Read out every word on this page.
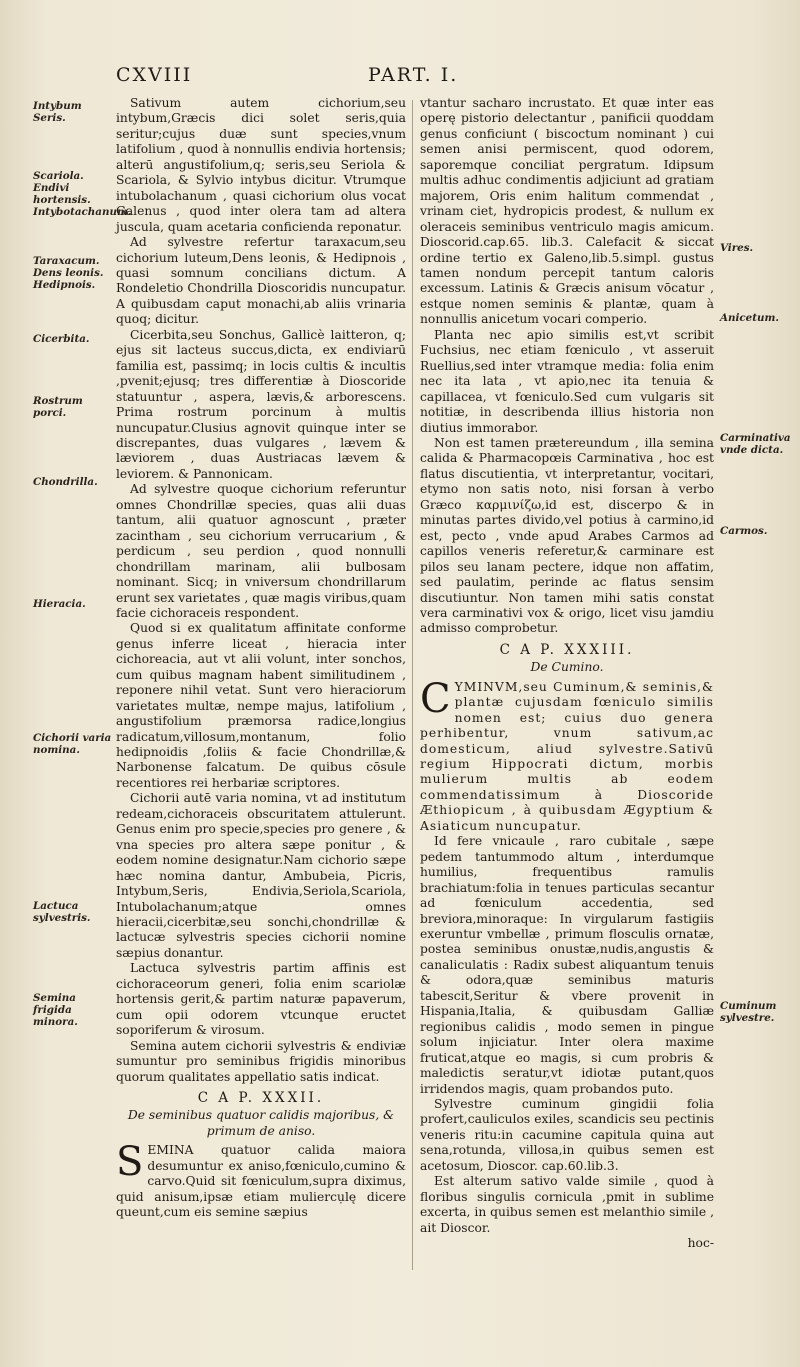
CXVIII	PART. I.
Intybum Seris.
Scariola. Endivi hortensis. Intybotachanum.
Taraxacum. Dens leonis. Hedipnois.
Cicerbita.
Rostrum porci.
Chondrilla.
Hieracia.
Cichorii varia nomina.
Lactuca sylvestris.
Semina frigida minora.
Vires.
Anicetum.
Carminativa vnde dicta.
Carmos.
Cuminum sylvestre.

Sativum autem cichorium,seu intybum,Græcis dici solet seris,quia seritur;cujus duæ sunt species,vnum latifolium , quod à nonnullis endivia hortensis; alterū angustifolium,q; seris,seu Seriola & Scariola, & Sylvio intybus dicitur. Vtrumque intubolachanum , quasi cichorium olus vocat Galenus , quod inter olera tam ad altera juscula, quam acetaria conficienda reponatur.

Ad sylvestre refertur taraxacum,seu cichorium luteum,Dens leonis, & Hedipnois , quasi somnum concilians dictum. A Rondeletio Chondrilla Dioscoridis nuncupatur. A quibusdam caput monachi,ab aliis vrinaria quoq; dicitur.

Cicerbita,seu Sonchus, Gallicè laitteron, q; ejus sit lacteus succus,dicta, ex endiviarū familia est, passimq; in locis cultis & incultis ,pvenit;ejusq; tres differentiæ à Dioscoride statuuntur , aspera, lævis,& arborescens. Prima rostrum porcinum à multis nuncupatur.Clusius agnovit quinque inter se discrepantes, duas vulgares , lævem & læviorem , duas Austriacas lævem & leviorem. & Pannonicam.

Ad sylvestre quoque cichorium referuntur omnes Chondrillæ species, quas alii duas tantum, alii quatuor agnoscunt , præter zacintham , seu cichorium verrucarium , & perdicum , seu perdion , quod nonnulli chondrillam marinam, alii bulbosam nominant. Sicq; in vniversum chondrillarum erunt sex varietates , quæ magis viribus,quam facie cichoraceis respondent.

Quod si ex qualitatum affinitate conforme genus inferre liceat , hieracia inter cichoreacia, aut vt alii volunt, inter sonchos, cum quibus magnam habent similitudinem , reponere nihil vetat. Sunt vero hieraciorum varietates multæ, nempe majus, latifolium , angustifolium præmorsa radice,longius radicatum,villosum,montanum, folio hedipnoidis ,foliis & facie Chondrillæ,& Narbonense falcatum. De quibus cōsule recentiores rei herbariæ scriptores.

Cichorii autē varia nomina, vt ad institutum redeam,cichoraceis obscuritatem attulerunt. Genus enim pro specie,species pro genere , & vna species pro altera sæpe ponitur , & eodem nomine designatur.Nam cichorio sæpe hæc nomina dantur, Ambubeia, Picris, Intybum,Seris, Endivia,Seriola,Scariola, Intubolachanum;atque omnes hieracii,cicerbitæ,seu sonchi,chondrillæ & lactucæ sylvestris species cichorii nomine sæpius donantur.

Lactuca sylvestris partim affinis est cichoraceorum generi, folia enim scariolæ hortensis gerit,& partim naturæ papaverum, cum opii odorem vtcunque eructet soporiferum & virosum.

Semina autem cichorii sylvestris & endiviæ sumuntur pro seminibus frigidis minoribus quorum qualitates appellatio satis indicat.

C A P. XXXII.

De seminibus quatuor calidis majoribus, & primum de aniso.

SEMINA quatuor calida maiora desumuntur ex aniso,fœniculo,cumino & carvo.Quid sit fœniculum,supra diximus, quid anisum,ipsæ etiam muliercụlę dicere queunt,cum eis semine sæpius

vtantur sacharo incrustato. Et quæ inter eas operę pistorio delectantur , panificii quoddam genus conficiunt ( biscoctum nominant ) cui semen anisi permiscent, quod odorem, saporemque conciliat pergratum. Idipsum multis adhuc condimentis adjiciunt ad gratiam majorem, Oris enim halitum commendat , vrinam ciet, hydropicis prodest, & nullum ex oleraceis seminibus ventriculo magis amicum. Dioscorid.cap.65. lib.3. Calefacit & siccat ordine tertio ex Galeno,lib.5.simpl. gustus tamen nondum percepit tantum caloris excessum. Latinis & Græcis anisum vōcatur , estque nomen seminis & plantæ, quam à nonnullis anicetum vocari comperio.

Planta nec apio similis est,vt scribit Fuchsius, nec etiam fœniculo , vt asseruit Ruellius,sed inter vtramque media: folia enim nec ita lata , vt apio,nec ita tenuia & capillacea, vt fœniculo.Sed cum vulgaris sit notitiæ, in describenda illius historia non diutius immorabor.

Non est tamen prætereundum , illa semina calida & Pharmacopœis Carminativa , hoc est flatus discutientia, vt interpretantur, vocitari, etymo non satis noto, nisi forsan à verbo Græco καρμινίζω,id est, discerpo & in minutas partes divido,vel potius à carmino,id est, pecto , vnde apud Arabes Carmos ad capillos veneris referetur,& carminare est pilos seu lanam pectere, idque non affatim, sed paulatim, perinde ac flatus sensim discutiuntur. Non tamen mihi satis constat vera carminativi vox & origo, licet visu jamdiu admisso comprobetur.

C A P. XXXIII.

De Cumino.

CYMINVM,seu Cuminum,& seminis,& plantæ cujusdam fœniculo similis nomen est; cuius duo genera perhibentur, vnum sativum,ac domesticum, aliud sylvestre.Sativū regium Hippocrati dictum, morbis mulierum multis ab eodem commendatissimum à Dioscoride Æthiopicum , à quibusdam Ægyptium & Asiaticum nuncupatur.

Id fere vnicaule , raro cubitale , sæpe pedem tantummodo altum , interdumque humilius, frequentibus ramulis brachiatum:folia in tenues particulas secantur ad fœniculum accedentia, sed breviora,minoraque: In virgularum fastigiis exeruntur vmbellæ , primum flosculis ornatæ, postea seminibus onustæ,nudis,angustis & canaliculatis : Radix subest aliquantum tenuis & odora,quæ seminibus maturis tabescit,Seritur & vbere provenit in Hispania,Italia, & quibusdam Galliæ regionibus calidis , modo semen in pingue solum injiciatur. Inter olera maxime fruticat,atque eo magis, si cum probris & maledictis seratur,vt idiotæ putant,quos irridendos magis, quam probandos puto.

Sylvestre cuminum gingidii folia profert,cauliculos exiles, scandicis seu pectinis veneris ritu:in cacumine capitula quina aut sena,rotunda, villosa,in quibus semen est acetosum, Dioscor. cap.60.lib.3.

Est alterum sativo valde simile , quod à floribus singulis cornicula ,pmit in sublime excerta, in quibus semen est melanthio simile , ait Dioscor.

hoc-
